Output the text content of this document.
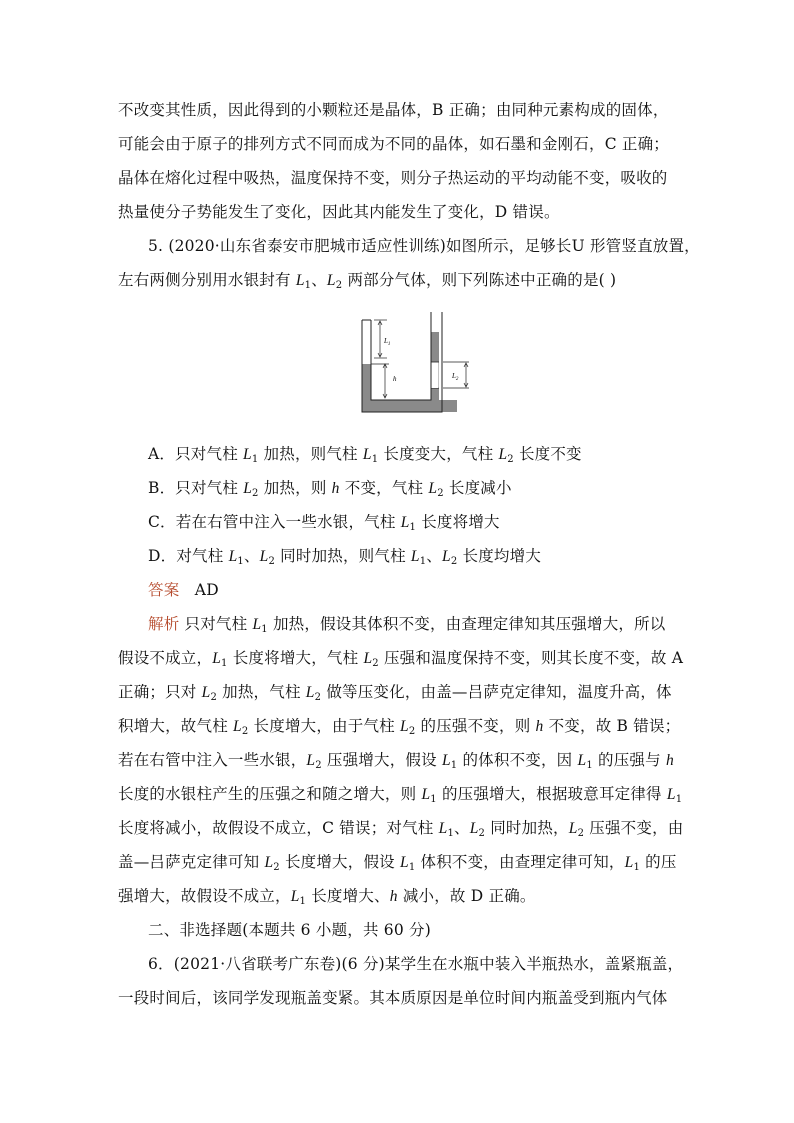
不改变其性质，因此得到的小颗粒还是晶体，B 正确；由同种元素构成的固体，
可能会由于原子的排列方式不同而成为不同的晶体，如石墨和金刚石，C 正确；
晶体在熔化过程中吸热，温度保持不变，则分子热运动的平均动能不变，吸收的
热量使分子势能发生了变化，因此其内能发生了变化，D 错误。
5. (2020·山东省泰安市肥城市适应性训练)如图所示，足够长U 形管竖直放置，
左右两侧分别用水银封有 $L_1$、$L_2$ 两部分气体，则下列陈述中正确的是( )
$L_1$
h	$L_2$
A．只对气柱 $L_1$ 加热，则气柱 $L_1$ 长度变大，气柱 $L_2$ 长度不变
B．只对气柱 $L_2$ 加热，则 h 不变，气柱 $L_2$ 长度减小
C．若在右管中注入一些水银，气柱 $L_1$ 长度将增大
D．对气柱 $L_1$、$L_2$ 同时加热，则气柱 $L_1$、$L_2$ 长度均增大
答案 AD
解析 只对气柱 $L_1$ 加热，假设其体积不变，由查理定律知其压强增大，所以
假设不成立，$L_1$ 长度将增大，气柱 $L_2$ 压强和温度保持不变，则其长度不变，故 A
正确；只对 $L_2$ 加热，气柱 $L_2$ 做等压变化，由盖—吕萨克定律知，温度升高，体
积增大，故气柱 $L_2$ 长度增大，由于气柱 $L_2$ 的压强不变，则 h 不变，故 B 错误；
若在右管中注入一些水银，$L_2$ 压强增大，假设 $L_1$ 的体积不变，因 $L_1$ 的压强与 h
长度的水银柱产生的压强之和随之增大，则 $L_1$ 的压强增大，根据玻意耳定律得 $L_1$
长度将减小，故假设不成立，C 错误；对气柱 $L_1$、$L_2$ 同时加热，$L_2$ 压强不变，由
盖—吕萨克定律可知 $L_2$ 长度增大，假设 $L_1$ 体积不变，由查理定律可知，$L_1$ 的压
强增大，故假设不成立，$L_1$ 长度增大、h 减小，故 D 正确。
二、非选择题(本题共 6 小题，共 60 分)
6．(2021·八省联考广东卷)(6 分)某学生在水瓶中装入半瓶热水，盖紧瓶盖，
一段时间后，该同学发现瓶盖变紧。其本质原因是单位时间内瓶盖受到瓶内气体
